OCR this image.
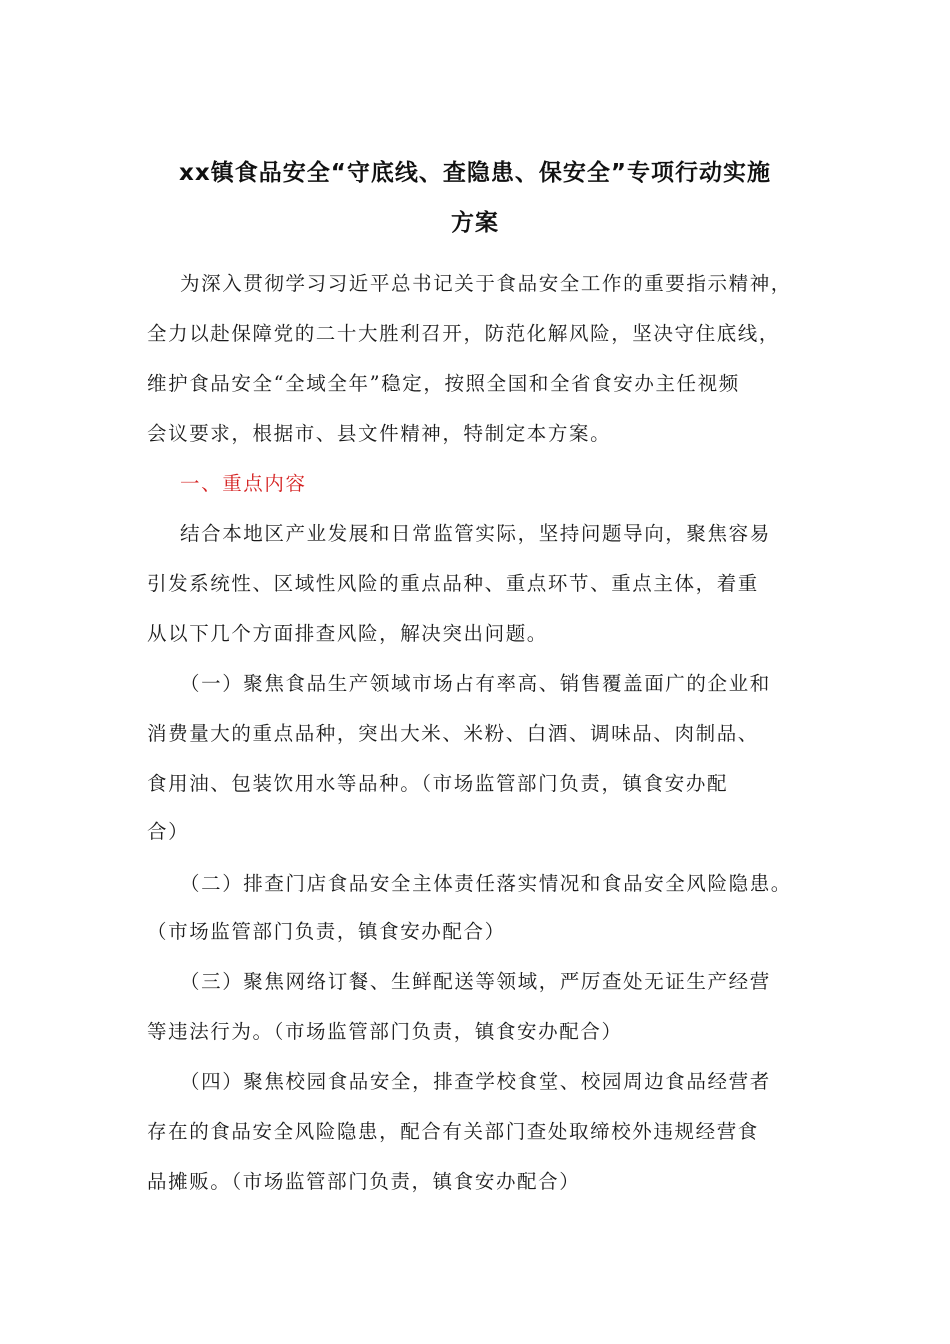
xx镇食品安全“守底线、查隐患、保安全”专项行动实施
方案
为深入贯彻学习习近平总书记关于食品安全工作的重要指示精神，
全力以赴保障党的二十大胜利召开，防范化解风险，坚决守住底线，
维护食品安全“全域全年”稳定，按照全国和全省食安办主任视频
会议要求，根据市、县文件精神，特制定本方案。
一、重点内容
结合本地区产业发展和日常监管实际，坚持问题导向，聚焦容易
引发系统性、区域性风险的重点品种、重点环节、重点主体，着重
从以下几个方面排查风险，解决突出问题。
（一）聚焦食品生产领域市场占有率高、销售覆盖面广的企业和
消费量大的重点品种，突出大米、米粉、白酒、调味品、肉制品、
食用油、包装饮用水等品种。（市场监管部门负责，镇食安办配
合）
（二）排查门店食品安全主体责任落实情况和食品安全风险隐患。
（市场监管部门负责，镇食安办配合）
（三）聚焦网络订餐、生鲜配送等领域，严厉查处无证生产经营
等违法行为。（市场监管部门负责，镇食安办配合）
（四）聚焦校园食品安全，排查学校食堂、校园周边食品经营者
存在的食品安全风险隐患，配合有关部门查处取缔校外违规经营食
品摊贩。（市场监管部门负责，镇食安办配合）
